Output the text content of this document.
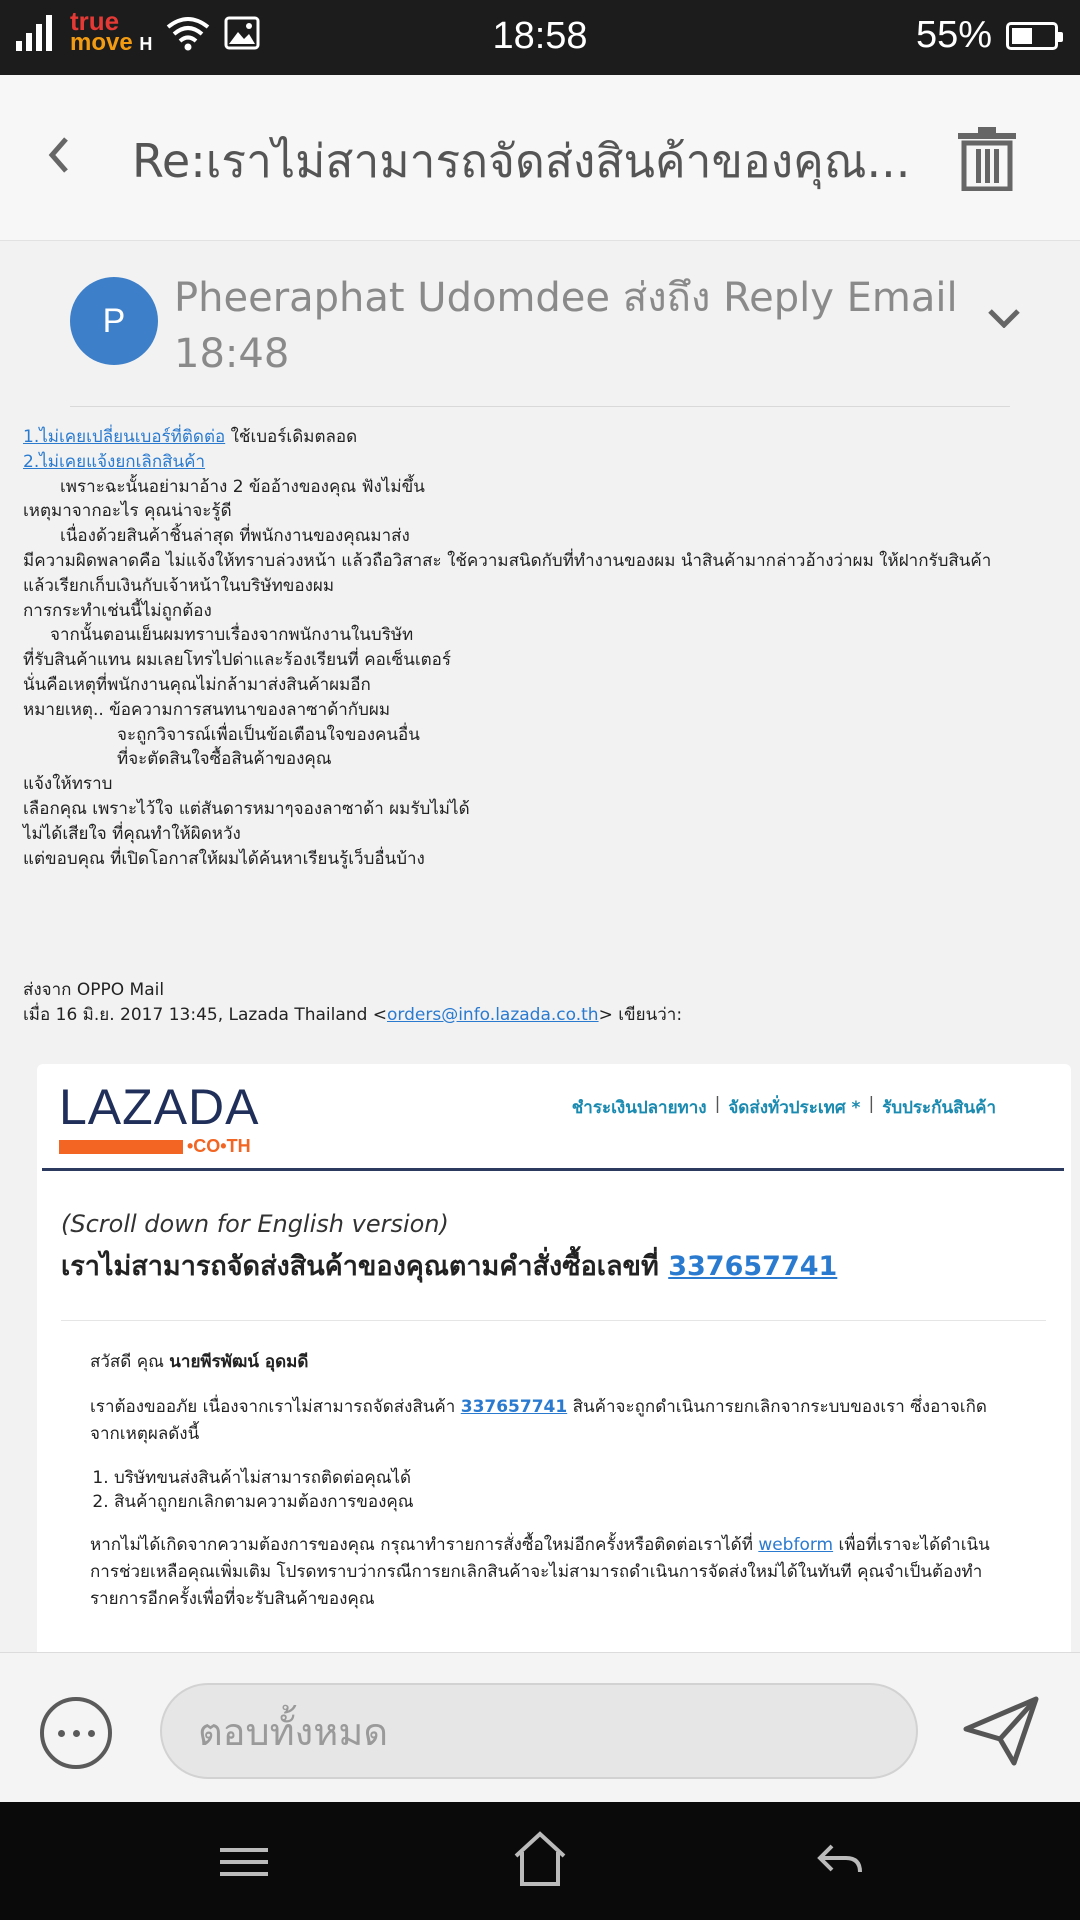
true
move H	18:58	55%
Re:เราไม่สามารถจัดส่งสินค้าของคุณ...
P	Pheeraphat Udomdee ส่งถึง Reply Email
18:48
1.ไม่เคยเปลี่ยนเบอร์ที่ติดต่อ ใช้เบอร์เดิมตลอด
2.ไม่เคยแจ้งยกเลิกสินค้า
เพราะฉะนั้นอย่ามาอ้าง 2 ข้ออ้างของคุณ ฟังไม่ขึ้น
เหตุมาจากอะไร คุณน่าจะรู้ดี
เนื่องด้วยสินค้าชิ้นล่าสุด ที่พนักงานของคุณมาส่ง
มีความผิดพลาดคือ ไม่แจ้งให้ทราบล่วงหน้า แล้วถือวิสาสะ ใช้ความสนิดกับที่ทำงานของผม นำสินค้ามากล่าวอ้างว่าผม ให้ฝากรับสินค้า
แล้วเรียกเก็บเงินกับเจ้าหน้าในบริษัทของผม
การกระทำเช่นนี้ไม่ถูกต้อง
จากนั้นตอนเย็นผมทราบเรื่องจากพนักงานในบริษัท
ที่รับสินค้าแทน ผมเลยโทรไปด่าและร้องเรียนที่ คอเซ็นเตอร์
นั่นคือเหตุที่พนักงานคุณไม่กล้ามาส่งสินค้าผมอีก
หมายเหตุ.. ข้อความการสนทนาของลาซาด้ากับผม
จะถูกวิจารณ์เพื่อเป็นข้อเตือนใจของคนอื่น
ที่จะตัดสินใจซื้อสินค้าของคุณ
แจ้งให้ทราบ
เลือกคุณ เพราะไว้ใจ แต่สันดารหมาๆจองลาซาด้า ผมรับไม่ได้
ไม่ได้เสียใจ ที่คุณทำให้ผิดหวัง
แต่ขอบคุณ ที่เปิดโอกาสให้ผมได้ค้นหาเรียนรู้เว็บอื่นบ้าง
ส่งจาก OPPO Mail
เมื่อ 16 มิ.ย. 2017 13:45, Lazada Thailand <orders@info.lazada.co.th> เขียนว่า:
LAZADA
•CO•TH
ชำระเงินปลายทาง | จัดส่งทั่วประเทศ * | รับประกันสินค้า
(Scroll down for English version)
เราไม่สามารถจัดส่งสินค้าของคุณตามคำสั่งซื้อเลขที่ 337657741

สวัสดี คุณ นายพีรพัฒน์ อุดมดี

เราต้องขออภัย เนื่องจากเราไม่สามารถจัดส่งสินค้า 337657741 สินค้าจะถูกดำเนินการยกเลิกจากระบบของเรา ซึ่งอาจเกิดจากเหตุผลดังนี้

1. บริษัทขนส่งสินค้าไม่สามารถติดต่อคุณได้
2. สินค้าถูกยกเลิกตามความต้องการของคุณ

หากไม่ได้เกิดจากความต้องการของคุณ กรุณาทำรายการสั่งซื้อใหม่อีกครั้งหรือติดต่อเราได้ที่ webform เพื่อที่เราจะได้ดำเนินการช่วยเหลือคุณเพิ่มเติม โปรดทราบว่ากรณีการยกเลิกสินค้าจะไม่สามารถดำเนินการจัดส่งใหม่ได้ในทันที คุณจำเป็นต้องทำรายการอีกครั้งเพื่อที่จะรับสินค้าของคุณ

ตอบทั้งหมด
